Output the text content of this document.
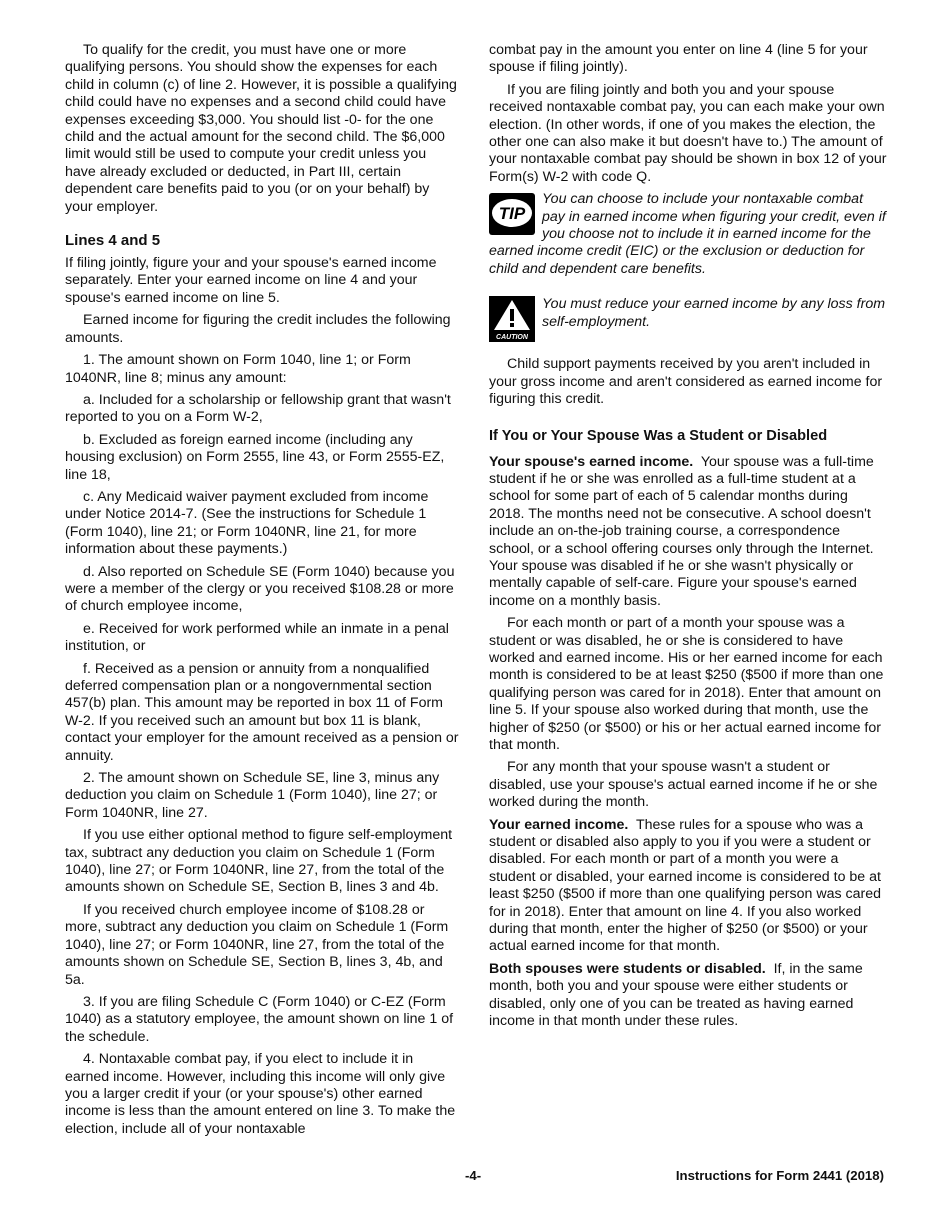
To qualify for the credit, you must have one or more qualifying persons. You should show the expenses for each child in column (c) of line 2. However, it is possible a qualifying child could have no expenses and a second child could have expenses exceeding $3,000. You should list -0- for the one child and the actual amount for the second child. The $6,000 limit would still be used to compute your credit unless you have already excluded or deducted, in Part III, certain dependent care benefits paid to you (or on your behalf) by your employer.

Lines 4 and 5

If filing jointly, figure your and your spouse's earned income separately. Enter your earned income on line 4 and your spouse's earned income on line 5.

Earned income for figuring the credit includes the following amounts.

1. The amount shown on Form 1040, line 1; or Form 1040NR, line 8; minus any amount:

a. Included for a scholarship or fellowship grant that wasn't reported to you on a Form W-2,

b. Excluded as foreign earned income (including any housing exclusion) on Form 2555, line 43, or Form 2555-EZ, line 18,

c. Any Medicaid waiver payment excluded from income under Notice 2014-7. (See the instructions for Schedule 1 (Form 1040), line 21; or Form 1040NR, line 21, for more information about these payments.)

d. Also reported on Schedule SE (Form 1040) because you were a member of the clergy or you received $108.28 or more of church employee income,

e. Received for work performed while an inmate in a penal institution, or

f. Received as a pension or annuity from a nonqualified deferred compensation plan or a nongovernmental section 457(b) plan. This amount may be reported in box 11 of Form W-2. If you received such an amount but box 11 is blank, contact your employer for the amount received as a pension or annuity.

2. The amount shown on Schedule SE, line 3, minus any deduction you claim on Schedule 1 (Form 1040), line 27; or Form 1040NR, line 27.

If you use either optional method to figure self-employment tax, subtract any deduction you claim on Schedule 1 (Form 1040), line 27; or Form 1040NR, line 27, from the total of the amounts shown on Schedule SE, Section B, lines 3 and 4b.

If you received church employee income of $108.28 or more, subtract any deduction you claim on Schedule 1 (Form 1040), line 27; or Form 1040NR, line 27, from the total of the amounts shown on Schedule SE, Section B, lines 3, 4b, and 5a.

3. If you are filing Schedule C (Form 1040) or C-EZ (Form 1040) as a statutory employee, the amount shown on line 1 of the schedule.

4. Nontaxable combat pay, if you elect to include it in earned income. However, including this income will only give you a larger credit if your (or your spouse's) other earned income is less than the amount entered on line 3. To make the election, include all of your nontaxable

combat pay in the amount you enter on line 4 (line 5 for your spouse if filing jointly).

If you are filing jointly and both you and your spouse received nontaxable combat pay, you can each make your own election. (In other words, if one of you makes the election, the other one can also make it but doesn't have to.) The amount of your nontaxable combat pay should be shown in box 12 of your Form(s) W-2 with code Q.

TIP

You can choose to include your nontaxable combat pay in earned income when figuring your credit, even if you choose not to include it in earned income for the earned income credit (EIC) or the exclusion or deduction for child and dependent care benefits.

CAUTION

You must reduce your earned income by any loss from self-employment.

Child support payments received by you aren't included in your gross income and aren't considered as earned income for figuring this credit.

If You or Your Spouse Was a Student or Disabled

Your spouse's earned income. Your spouse was a full-time student if he or she was enrolled as a full-time student at a school for some part of each of 5 calendar months during 2018. The months need not be consecutive. A school doesn't include an on-the-job training course, a correspondence school, or a school offering courses only through the Internet. Your spouse was disabled if he or she wasn't physically or mentally capable of self-care. Figure your spouse's earned income on a monthly basis.

For each month or part of a month your spouse was a student or was disabled, he or she is considered to have worked and earned income. His or her earned income for each month is considered to be at least $250 ($500 if more than one qualifying person was cared for in 2018). Enter that amount on line 5. If your spouse also worked during that month, use the higher of $250 (or $500) or his or her actual earned income for that month.

For any month that your spouse wasn't a student or disabled, use your spouse's actual earned income if he or she worked during the month.

Your earned income. These rules for a spouse who was a student or disabled also apply to you if you were a student or disabled. For each month or part of a month you were a student or disabled, your earned income is considered to be at least $250 ($500 if more than one qualifying person was cared for in 2018). Enter that amount on line 4. If you also worked during that month, enter the higher of $250 (or $500) or your actual earned income for that month.

Both spouses were students or disabled. If, in the same month, both you and your spouse were either students or disabled, only one of you can be treated as having earned income in that month under these rules.

-4-	Instructions for Form 2441 (2018)
